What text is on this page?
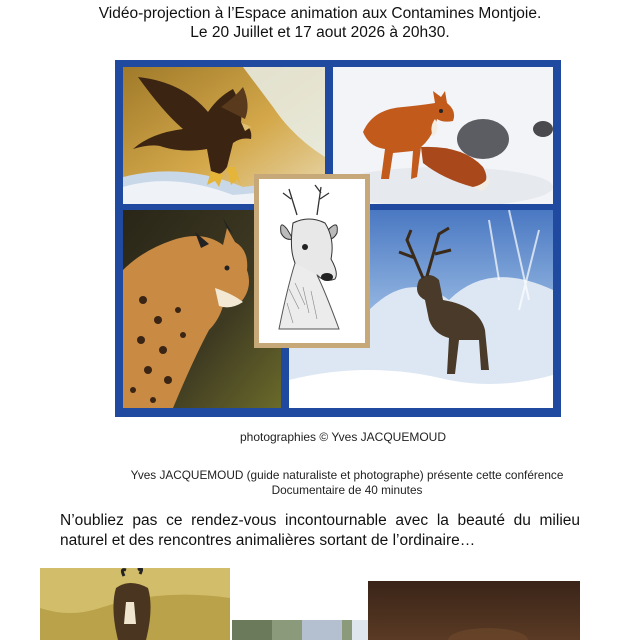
Vidéo-projection à l’Espace animation aux Contamines Montjoie.
Le 20 Juillet et 17 aout 2026 à 20h30.
photographies © Yves JACQUEMOUD
Yves JACQUEMOUD (guide naturaliste et photographe) présente cette conférence
Documentaire de 40 minutes
N’oubliez pas ce rendez-vous incontournable avec la beauté du milieu
naturel et des rencontres animalières sortant de l’ordinaire…
